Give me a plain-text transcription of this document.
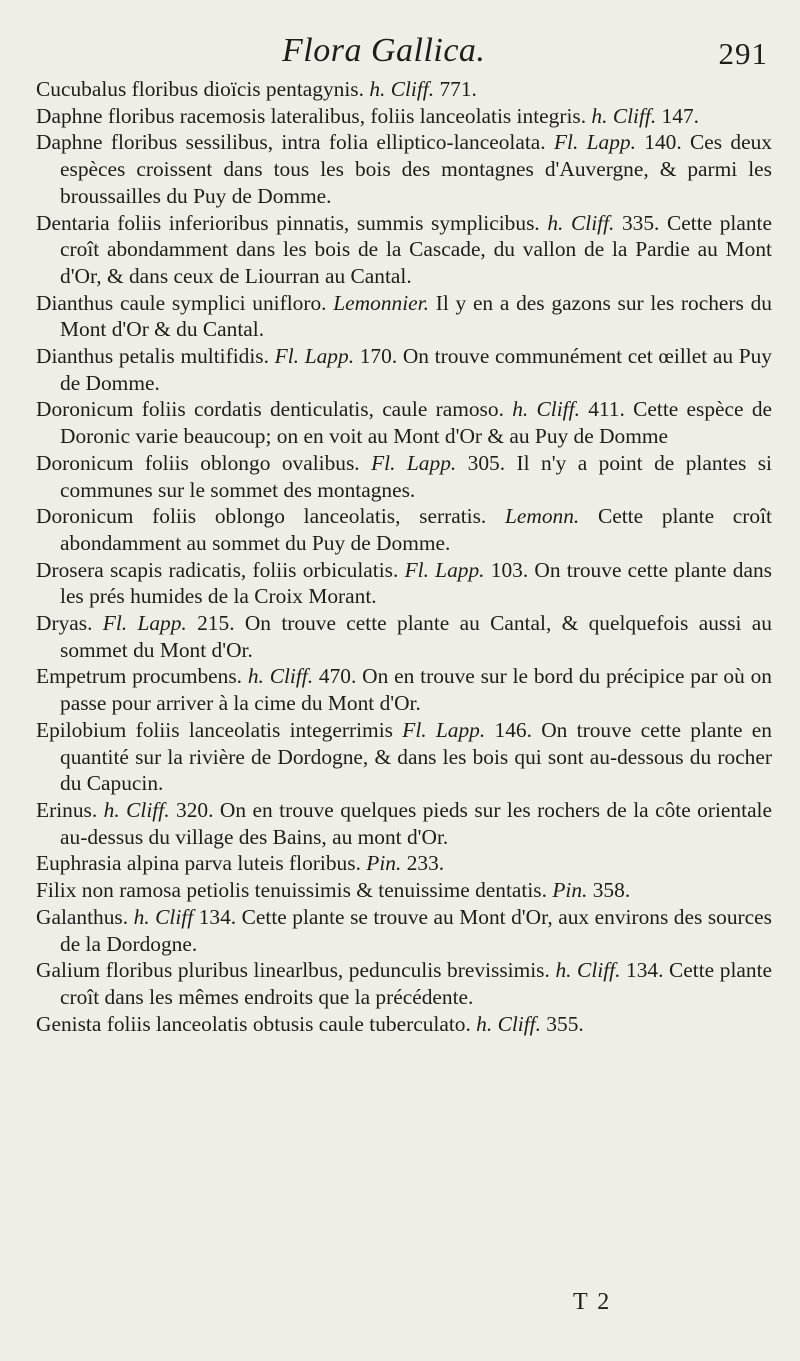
Flora Gallica.	291
Cucubalus floribus dioïcis pentagynis. h. Cliff. 771.
Daphne floribus racemosis lateralibus, foliis lanceolatis integris. h. Cliff. 147.
Daphne floribus sessilibus, intra folia elliptico-lanceolata. Fl. Lapp. 140. Ces deux espèces croissent dans tous les bois des montagnes d'Auvergne, & parmi les broussailles du Puy de Domme.
Dentaria foliis inferioribus pinnatis, summis symplicibus. h. Cliff. 335. Cette plante croît abondamment dans les bois de la Cascade, du vallon de la Pardie au Mont d'Or, & dans ceux de Liourran au Cantal.
Dianthus caule symplici unifloro. Lemonnier. Il y en a des gazons sur les rochers du Mont d'Or & du Cantal.
Dianthus petalis multifidis. Fl. Lapp. 170. On trouve communément cet œillet au Puy de Domme.
Doronicum foliis cordatis denticulatis, caule ramoso. h. Cliff. 411. Cette espèce de Doronic varie beaucoup; on en voit au Mont d'Or & au Puy de Domme
Doronicum foliis oblongo ovalibus. Fl. Lapp. 305. Il n'y a point de plantes si communes sur le sommet des montagnes.
Doronicum foliis oblongo lanceolatis, serratis. Lemonn. Cette plante croît abondamment au sommet du Puy de Domme.
Drosera scapis radicatis, foliis orbiculatis. Fl. Lapp. 103. On trouve cette plante dans les prés humides de la Croix Morant.
Dryas. Fl. Lapp. 215. On trouve cette plante au Cantal, & quelquefois aussi au sommet du Mont d'Or.
Empetrum procumbens. h. Cliff. 470. On en trouve sur le bord du précipice par où on passe pour arriver à la cime du Mont d'Or.
Epilobium foliis lanceolatis integerrimis Fl. Lapp. 146. On trouve cette plante en quantité sur la rivière de Dordogne, & dans les bois qui sont au-dessous du rocher du Capucin.
Erinus. h. Cliff. 320. On en trouve quelques pieds sur les rochers de la côte orientale au-dessus du village des Bains, au mont d'Or.
Euphrasia alpina parva luteis floribus. Pin. 233.
Filix non ramosa petiolis tenuissimis & tenuissime dentatis. Pin. 358.
Galanthus. h. Cliff 134. Cette plante se trouve au Mont d'Or, aux environs des sources de la Dordogne.
Galium floribus pluribus linearlbus, pedunculis brevissimis. h. Cliff. 134. Cette plante croît dans les mêmes endroits que la précédente.
Genista foliis lanceolatis obtusis caule tuberculato. h. Cliff. 355.
T 2
